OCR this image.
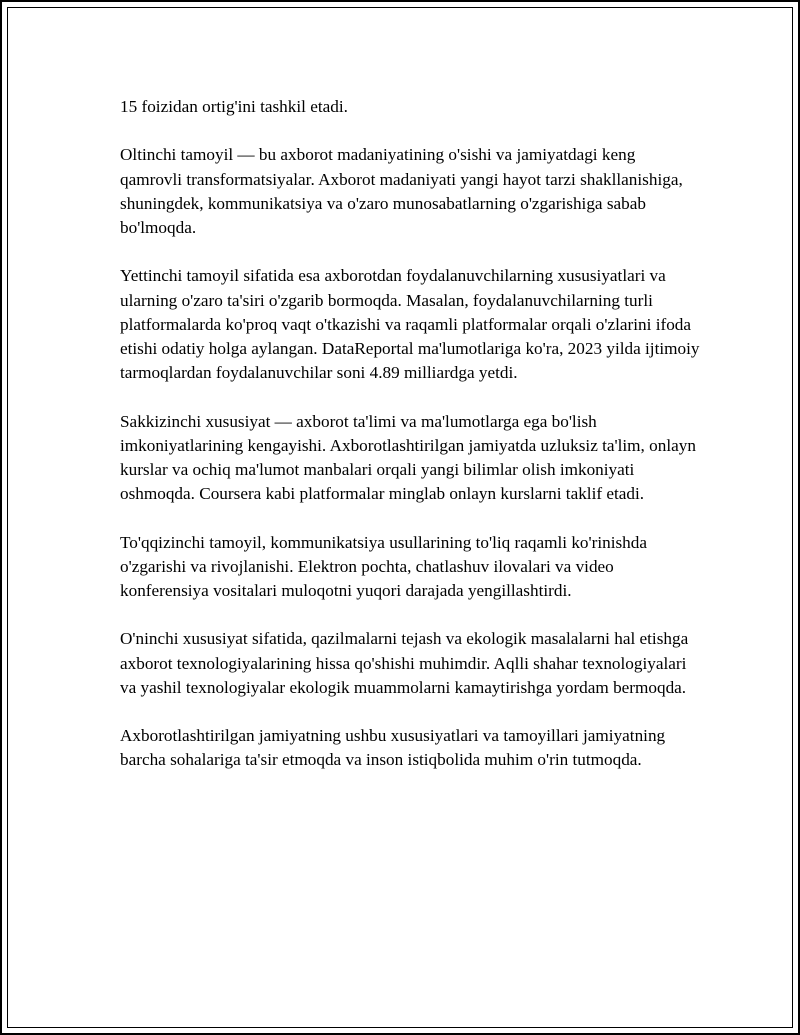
15 foizidan ortig'ini tashkil etadi.

Oltinchi tamoyil — bu axborot madaniyatining o'sishi va jamiyatdagi keng qamrovli transformatsiyalar. Axborot madaniyati yangi hayot tarzi shakllanishiga, shuningdek, kommunikatsiya va o'zaro munosabatlarning o'zgarishiga sabab bo'lmoqda.

Yettinchi tamoyil sifatida esa axborotdan foydalanuvchilarning xususiyatlari va ularning o'zaro ta'siri o'zgarib bormoqda. Masalan, foydalanuvchilarning turli platformalarda ko'proq vaqt o'tkazishi va raqamli platformalar orqali o'zlarini ifoda etishi odatiy holga aylangan. DataReportal ma'lumotlariga ko'ra, 2023 yilda ijtimoiy tarmoqlardan foydalanuvchilar soni 4.89 milliardga yetdi.

Sakkizinchi xususiyat — axborot ta'limi va ma'lumotlarga ega bo'lish imkoniyatlarining kengayishi. Axborotlashtirilgan jamiyatda uzluksiz ta'lim, onlayn kurslar va ochiq ma'lumot manbalari orqali yangi bilimlar olish imkoniyati oshmoqda. Coursera kabi platformalar minglab onlayn kurslarni taklif etadi.

To'qqizinchi tamoyil, kommunikatsiya usullarining to'liq raqamli ko'rinishda o'zgarishi va rivojlanishi. Elektron pochta, chatlashuv ilovalari va video konferensiya vositalari muloqotni yuqori darajada yengillashtirdi.

O'ninchi xususiyat sifatida, qazilmalarni tejash va ekologik masalalarni hal etishga axborot texnologiyalarining hissa qo'shishi muhimdir. Aqlli shahar texnologiyalari va yashil texnologiyalar ekologik muammolarni kamaytirishga yordam bermoqda.

Axborotlashtirilgan jamiyatning ushbu xususiyatlari va tamoyillari jamiyatning barcha sohalariga ta'sir etmoqda va inson istiqbolida muhim o'rin tutmoqda.
